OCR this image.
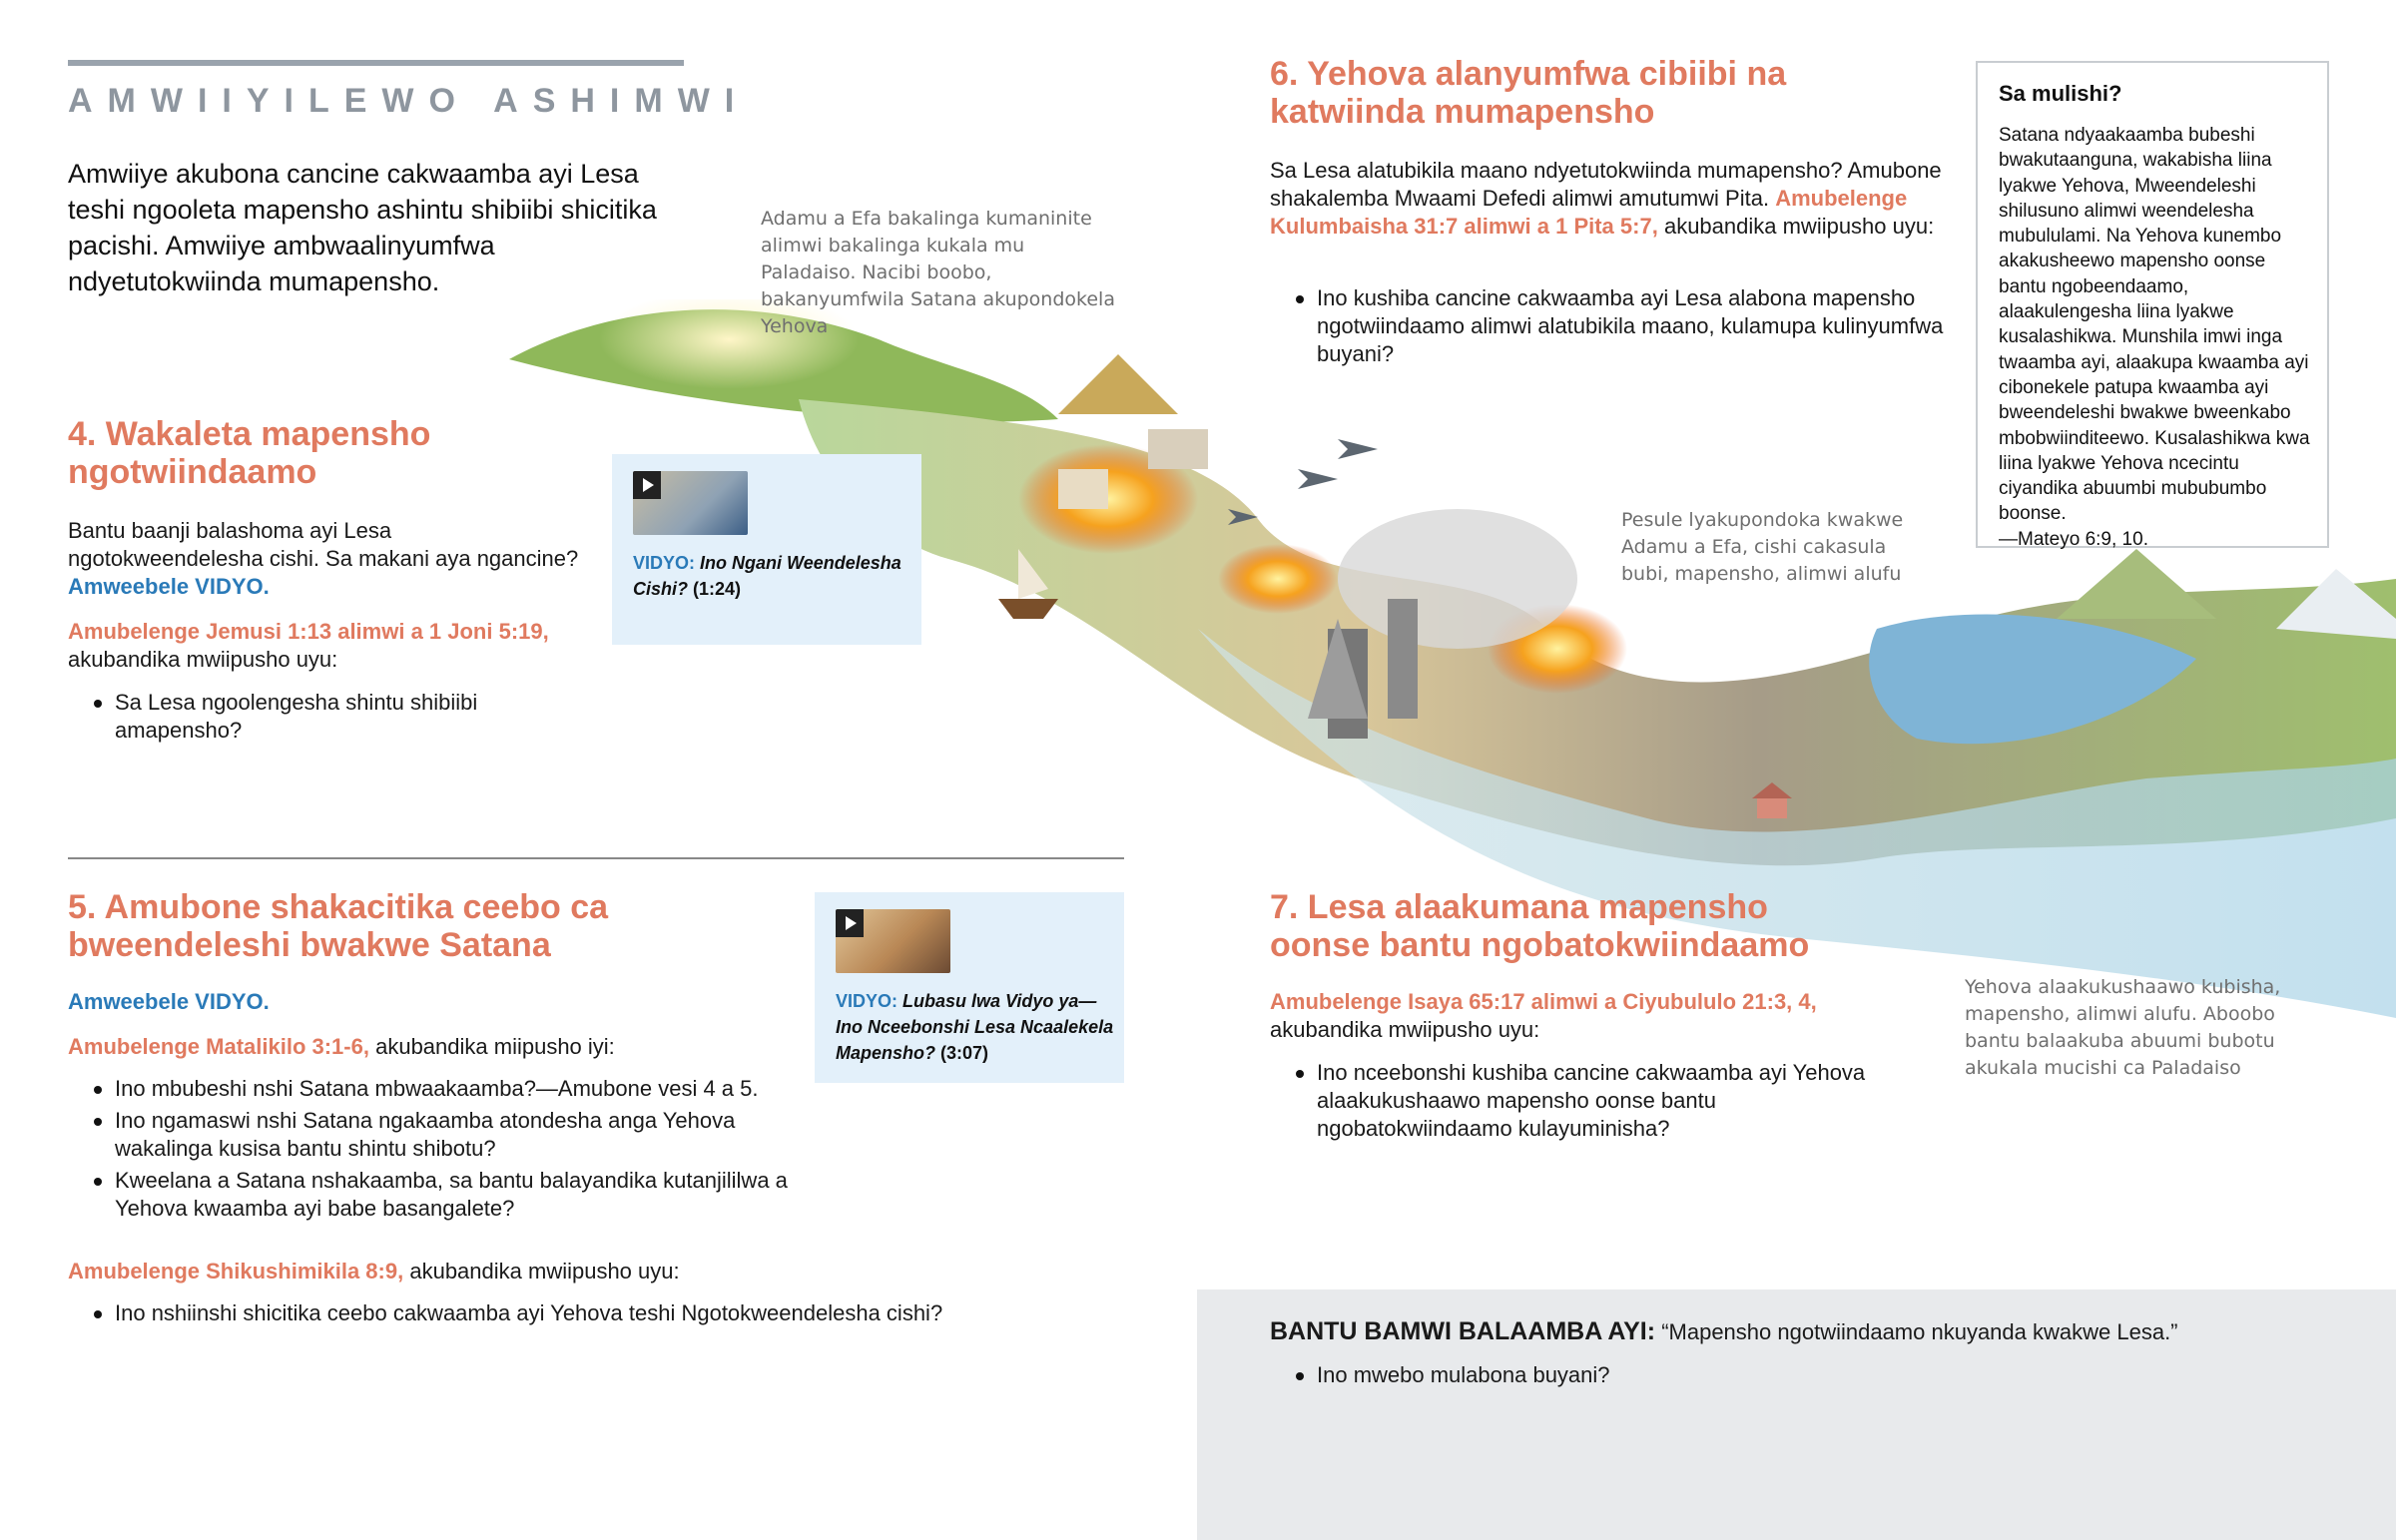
AMWIIYILEWO ASHIMWI
Amwiiye akubona cancine cakwaamba ayi Lesa teshi ngooleta mapensho ashintu shibiibi shicitika pacishi. Amwiiye ambwaalinyumfwa ndyetutokwiinda mumapensho.
Adamu a Efa bakalinga kumaninite alimwi bakalinga kukala mu Paladaiso. Nacibi boobo, bakanyumfwila Satana akupondokela Yehova
4. Wakaleta mapensho ngotwiindaamo
Bantu baanji balashoma ayi Lesa ngotokweendelesha cishi. Sa makani aya ngancine? Amweebele VIDYO.
Amubelenge Jemusi 1:13 alimwi a 1 Joni 5:19, akubandika mwiipusho uyu:
Sa Lesa ngoolengesha shintu shibiibi amapensho?
VIDYO: Ino Ngani Weendelesha Cishi? (1:24)
5. Amubone shakacitika ceebo ca bweendeleshi bwakwe Satana
Amweebele VIDYO.
Amubelenge Matalikilo 3:1-6, akubandika miipusho iyi:
Ino mbubeshi nshi Satana mbwaakaamba?—Amubone vesi 4 a 5.
Ino ngamaswi nshi Satana ngakaamba atondesha anga Yehova wakalinga kusisa bantu shintu shibotu?
Kweelana a Satana nshakaamba, sa bantu balayandika kutanjililwa a Yehova kwaamba ayi babe basangalete?
Amubelenge Shikushimikila 8:9, akubandika mwiipusho uyu:
Ino nshiinshi shicitika ceebo cakwaamba ayi Yehova teshi Ngotokweendelesha cishi?
VIDYO: Lubasu lwa Vidyo ya—Ino Nceebonshi Lesa Ncaalekela Mapensho? (3:07)
6. Yehova alanyumfwa cibiibi na katwiinda mumapensho
Sa Lesa alatubikila maano ndyetutokwiinda mumapensho? Amubone shakalemba Mwaami Defedi alimwi amutumwi Pita. Amubelenge Kulumbaisha 31:7 alimwi a 1 Pita 5:7, akubandika mwiipusho uyu:
Ino kushiba cancine cakwaamba ayi Lesa alabona mapensho ngotwiindaamo alimwi alatubikila maano, kulamupa kulinyumfwa buyani?
Sa mulishi?

Satana ndyaakaamba bubeshi bwakutaanguna, wakabisha liina lyakwe Yehova, Mweendeleshi shilusuno alimwi weendelesha mubululami. Na Yehova kunembo akakusheewo mapensho oonse bantu ngobeendaamo, alaakulengesha liina lyakwe kusalashikwa. Munshila imwi inga twaamba ayi, alaakupa kwaamba ayi cibonekele patupa kwaamba ayi bweendeleshi bwakwe bweenkabo mbobwiinditeewo. Kusalashikwa kwa liina lyakwe Yehova ncecintu ciyandika abuumbi mububumbo boonse.
—Mateyo 6:9, 10.

Pesule lyakupondoka kwakwe Adamu a Efa, cishi cakasula bubi, mapensho, alimwi alufu
7. Lesa alaakumana mapensho oonse bantu ngobatokwiindaamo
Amubelenge Isaya 65:17 alimwi a Ciyubululo 21:3, 4, akubandika mwiipusho uyu:
Ino nceebonshi kushiba cancine cakwaamba ayi Yehova alaakukushaawo mapensho oonse bantu ngobatokwiindaamo kulayuminisha?
Yehova alaakukushaawo kubisha, mapensho, alimwi alufu. Aboobo bantu balaakuba abuumi bubotu akukala mucishi ca Paladaiso
BANTU BAMWI BALAAMBA AYI: “Mapensho ngotwiindaamo nkuyanda kwakwe Lesa.”
Ino mwebo mulabona buyani?
